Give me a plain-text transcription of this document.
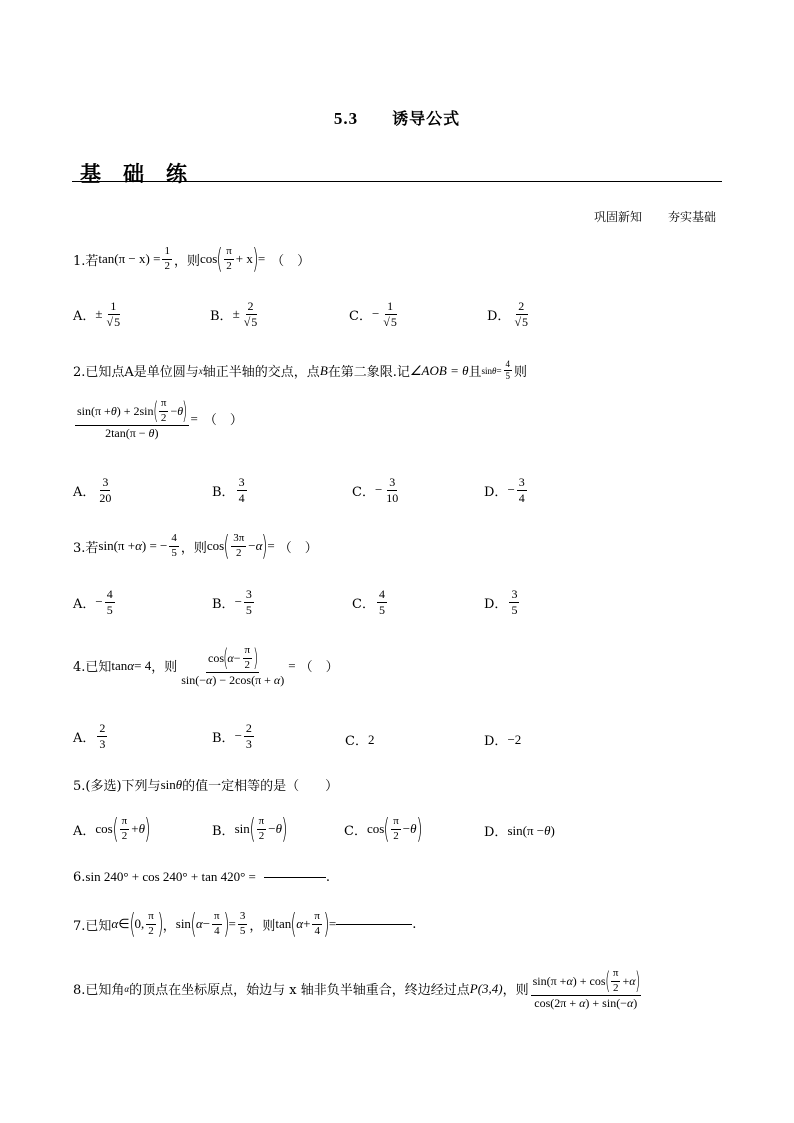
5.3 诱导公式
基础练
巩固新知 夯实基础
1.若 $\tan(\pi - x) = \frac{1}{2}$ ，则 cos ( $\frac{\pi}{2} + x$ ) = （　）
A． ± $\frac{1}{√5}$	B． ± $\frac{2}{√5}$	C． − $\frac{1}{√5}$	D． $\frac{2}{√5}$
2.已知点A是单位圆与 x 轴正半轴的交点，点 B 在第二象限.记 ∠AOB = θ 且 $\sin \theta = \frac{4}{5}$ 则
$\frac{\sin(\pi + \theta ) + 2\sin ( \frac{\pi}{2} - \theta )}{2\tan(\pi - \theta)}$ = （　）
A． $\frac{3}{20}$	B． $\frac{3}{4}$	C． − $\frac{3}{10}$	D． − $\frac{3}{4}$
3.若 sin(π + α ) = − $\frac{4}{5}$ ，则 cos ( $\frac{3\pi}{2} - \alpha$ ) = （　）
A． − $\frac{4}{5}$	B． − $\frac{3}{5}$	C． $\frac{4}{5}$	D． $\frac{3}{5}$
4.已知 tan α = 4 ，则 $\frac{\cos ( \alpha - \frac{\pi}{2} )}{\sin(-\alpha) - 2\cos(\pi + \alpha)}$ = （　）
A． $\frac{2}{3}$	B． − $\frac{2}{3}$	C． 2	D． −2
5.(多选)下列与 sin θ 的值一定相等的是（　　）
A． cos ( $\frac{\pi}{2} + \theta$ )	B． sin ( $\frac{\pi}{2} - \theta$ )	C． cos ( $\frac{\pi}{2} - \theta$ )	D． sin(π − θ )
6. sin 240° + cos 240° + tan 420° =	.
7.已知 α ∈ ( 0, $\frac{\pi}{2}$ ) ， sin ( $\alpha - \frac{\pi}{4}$ ) = $\frac{3}{5}$ ，则 tan ( $\alpha + \frac{\pi}{4}$ ) =	.
8.已知角 α 的顶点在坐标原点，始边与 x 轴非负半轴重合，终边经过点 P(3,4) ，则 $\frac{\sin(\pi + \alpha ) + \cos ( \frac{\pi}{2} + \alpha )}{\cos(2\pi + \alpha) + \sin(-\alpha)}$
